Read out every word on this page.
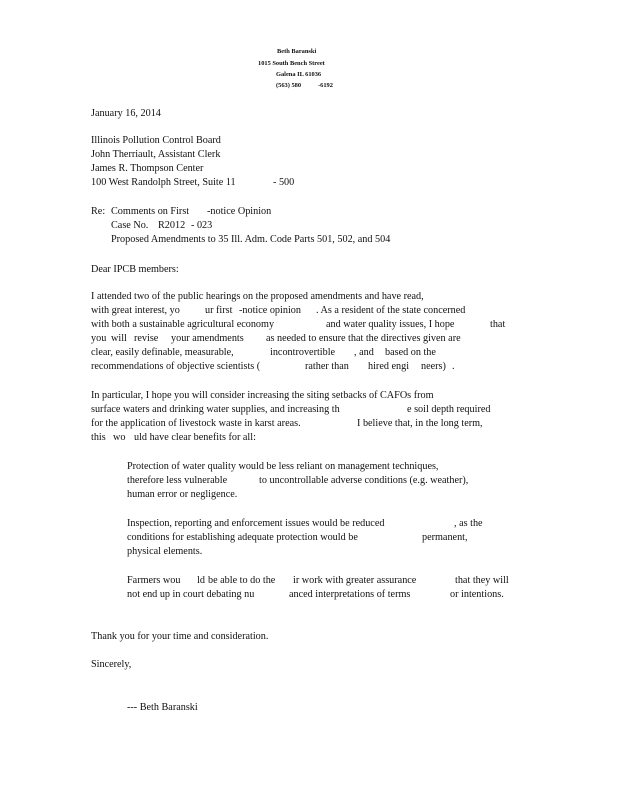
Beth Baranski
1015 South Bench Street
Galena IL 61036
(563) 580	-6192
January 16, 2014
Illinois Pollution Control Board
John Therriault, Assistant Clerk
James R. Thompson Center
100 West Randolph Street, Suite 11	- 500
Re: Comments on First -notice Opinion
Case No. R2012 - 023
Proposed Amendments to 35 Ill. Adm. Code Parts 501, 502, and 504
Dear IPCB members:
I attended two of the public hearings on the proposed amendments and have read,
with great interest, yo ur first -notice opinion . As a resident of the state concerned
with both a sustainable agricultural economy	and water quality issues, I hope	that
you will revise your amendments as needed to ensure that the directives given are
clear, easily definable, measurable,	incontrovertible , and based on the
recommendations of objective scientists (	rather than hired engi neers) .
In particular, I hope you will consider increasing the siting setbacks of CAFOs from
surface waters and drinking water supplies, and increasing th	e soil depth required
for the application of livestock waste in karst areas.	I believe that, in the long term,
this wo uld have clear benefits for all:
Protection of water quality would be less reliant on management techniques,
therefore less vulnerable	to uncontrollable adverse conditions (e.g. weather),
human error or negligence.
Inspection, reporting and enforcement issues would be reduced	, as the
conditions for establishing adequate protection would be	permanent,
physical elements.
Farmers wou ld be able to do the ir work with greater assurance	that they will
not end up in court debating nu	anced interpretations of terms	or intentions.
Thank you for your time and consideration.
Sincerely,
--- Beth Baranski
